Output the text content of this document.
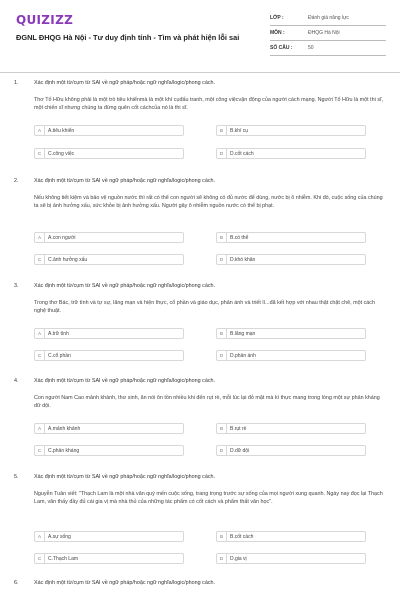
QUIZIZZ
ĐGNL ĐHQG Hà Nội - Tư duy định tính - Tìm và phát hiện lỗi sai
LỚP :	Đánh giá năng lực
MÔN :	ĐHQG Hà Nội
SỐ CÂU :	50
1.	Xác định một từ/cụm từ SAI về ngữ pháp/hoặc ngữ nghĩa/logic/phong cách.
Thơ Tố Hữu không phải là một trò tiêu khiểnmà là một khí cụđấu tranh, một công việcvận động của người cách mạng. Người Tố Hữu là một thi sĩ, một chiến sĩ nhưng chúng ta đừng quên cốt cáchcủa nó là thi sĩ.
A	A.tiêu khiển	B	B.khí cụ
C	C.công việc	D	D.cốt cách
2.	Xác định một từ/cụm từ SAI về ngữ pháp/hoặc ngữ nghĩa/logic/phong cách.
Nếu không tiết kiệm và bảo vệ nguồn nước thì rất có thể con người sẽ không có đủ nước để dùng, nước bị ô nhiễm. Khi đó, cuộc sống của chúng ta sẽ bị ảnh hưởng xấu, sức khỏe bị ảnh hưởng xấu. Người gây ô nhiễm nguồn nước có thể bị phạt.
A	A.con người	B	B.có thể
C	C.ảnh hưởng xấu	D	D.khó khăn
3.	Xác định một từ/cụm từ SAI về ngữ pháp/hoặc ngữ nghĩa/logic/phong cách.
Trong thơ Bác, trữ tình và tự sự, lãng mạn và hiện thực, cổ phần và giáo dục, phản ánh và triết lí...đã kết hợp với nhau thật chặt chẽ, một cách nghệ thuật.
A	A.trữ tình	B	B.lãng mạn
C	C.cổ phần	D	D.phản ánh
4.	Xác định một từ/cụm từ SAI về ngữ pháp/hoặc ngữ nghĩa/logic/phong cách.
Con người Nam Cao mảnh khảnh, thư sinh, ăn nói ôn tồn nhiều khi đến rụt rè, mỗi lúc lại đỏ mặt mà kì thực mang trong lòng một sự phản kháng dữ dội.
A	A.mảnh khảnh	B	B.rụt rè
C	C.phản kháng	D	D.dữ dội
5.	Xác định một từ/cụm từ SAI về ngữ pháp/hoặc ngữ nghĩa/logic/phong cách.
Nguyễn Tuân viết: "Thạch Lam là một nhà văn quý mến cuộc sống, trang trọng trước sự sống của mọi người xung quanh. Ngày nay đọc lại Thạch Lam, văn thấy đầy đủ cái gia vị mà nhà thủ của những tác phẩm có cốt cách và phẩm thất văn học".
A	A.sự sống	B	B.cốt cách
C	C.Thạch Lam	D	D.gia vị
6.	Xác định một từ/cụm từ SAI về ngữ pháp/hoặc ngữ nghĩa/logic/phong cách.
